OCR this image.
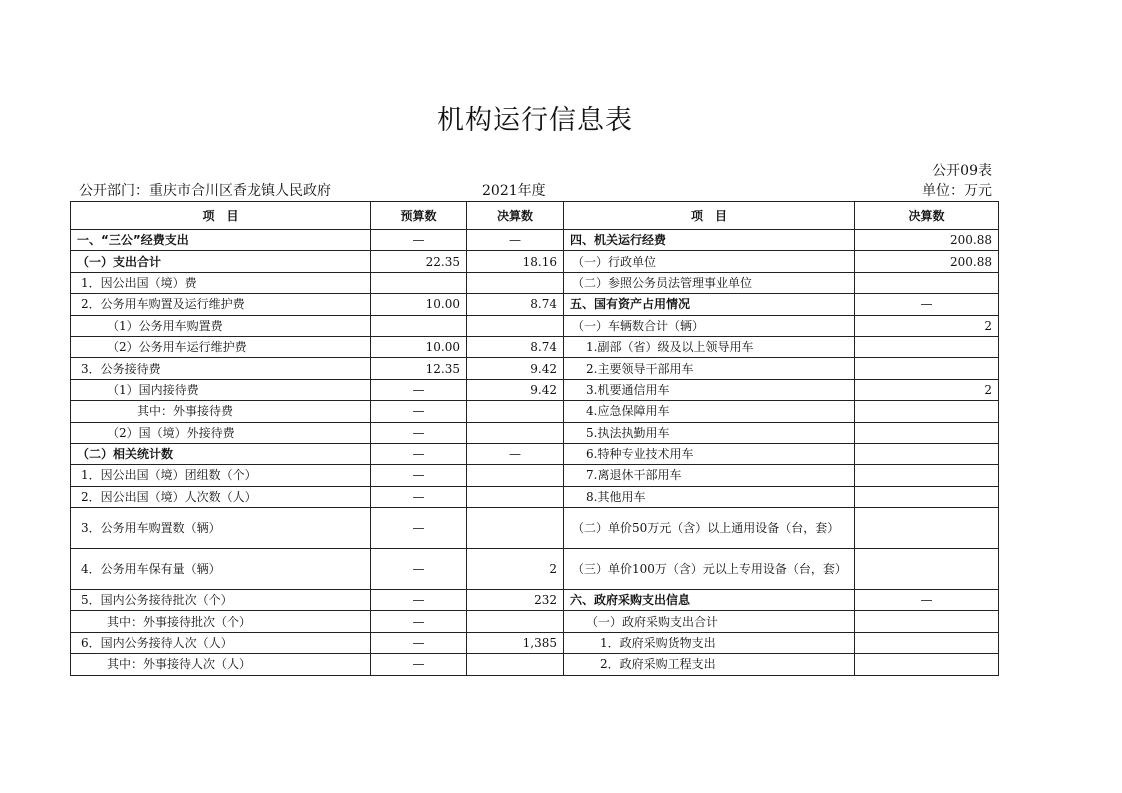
机构运行信息表
公开09表
公开部门：重庆市合川区香龙镇人民政府	2021年度	单位：万元
项　目	预算数	决算数	项　目	决算数
一、“三公”经费支出	—	—	四、机关运行经费	200.88
（一）支出合计	22.35	18.16	（一）行政单位	200.88
1．因公出国（境）费			（二）参照公务员法管理事业单位	
2．公务用车购置及运行维护费	10.00	8.74	五、国有资产占用情况	—
（1）公务用车购置费			（一）车辆数合计（辆）	2
（2）公务用车运行维护费	10.00	8.74	1.副部（省）级及以上领导用车	
3．公务接待费	12.35	9.42	2.主要领导干部用车	
（1）国内接待费	—	9.42	3.机要通信用车	2
其中：外事接待费	—		4.应急保障用车	
（2）国（境）外接待费	—		5.执法执勤用车	
（二）相关统计数	—	—	6.特种专业技术用车	
1．因公出国（境）团组数（个）	—		7.离退休干部用车	
2．因公出国（境）人次数（人）	—		8.其他用车	
3．公务用车购置数（辆）	—		（二）单价50万元（含）以上通用设备（台，套）	
4．公务用车保有量（辆）	—	2	（三）单价100万（含）元以上专用设备（台，套）	
5．国内公务接待批次（个）	—	232	六、政府采购支出信息	—
其中：外事接待批次（个）	—		（一）政府采购支出合计	
6．国内公务接待人次（人）	—	1,385	1．政府采购货物支出	
其中：外事接待人次（人）	—		2．政府采购工程支出	
